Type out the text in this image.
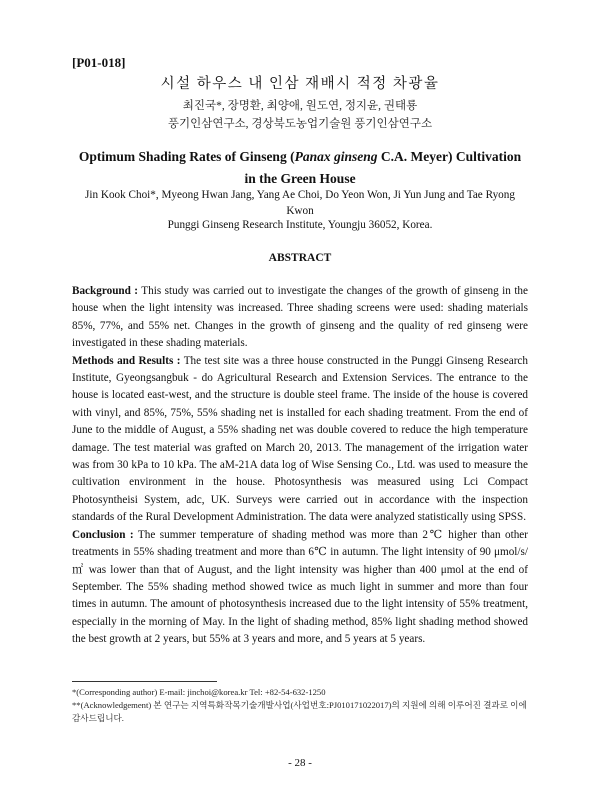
[P01-018]
시설 하우스 내 인삼 재배시 적정 차광율
최진국*, 장명환, 최양애, 원도연, 정지윤, 권태룡
풍기인삼연구소, 경상북도농업기술원 풍기인삼연구소
Optimum Shading Rates of Ginseng (Panax ginseng C.A. Meyer) Cultivation in the Green House
Jin Kook Choi*, Myeong Hwan Jang, Yang Ae Choi, Do Yeon Won, Ji Yun Jung and Tae Ryong Kwon
Punggi Ginseng Research Institute, Youngju 36052, Korea.
ABSTRACT

Background : This study was carried out to investigate the changes of the growth of ginseng in the house when the light intensity was increased. Three shading screens were used: shading materials 85%, 77%, and 55% net. Changes in the growth of ginseng and the quality of red ginseng were investigated in these shading materials.

Methods and Results : The test site was a three house constructed in the Punggi Ginseng Research Institute, Gyeongsangbuk - do Agricultural Research and Extension Services. The entrance to the house is located east-west, and the structure is double steel frame. The inside of the house is covered with vinyl, and 85%, 75%, 55% shading net is installed for each shading treatment. From the end of June to the middle of August, a 55% shading net was double covered to reduce the high temperature damage. The test material was grafted on March 20, 2013. The management of the irrigation water was from 30 kPa to 10 kPa. The aM-21A data log of Wise Sensing Co., Ltd. was used to measure the cultivation environment in the house. Photosynthesis was measured using Lci Compact Photosyntheisi System, adc, UK. Surveys were carried out in accordance with the inspection standards of the Rural Development Administration. The data were analyzed statistically using SPSS.

Conclusion : The summer temperature of shading method was more than 2℃ higher than other treatments in 55% shading treatment and more than 6℃ in autumn. The light intensity of 90 μmol/s/㎡ was lower than that of August, and the light intensity was higher than 400 μmol at the end of September. The 55% shading method showed twice as much light in summer and more than four times in autumn. The amount of photosynthesis increased due to the light intensity of 55% treatment, especially in the morning of May. In the light of shading method, 85% light shading method showed the best growth at 2 years, but 55% at 3 years and more, and 5 years at 5 years.

*(Corresponding author) E-mail: jinchoi@korea.kr Tel: +82-54-632-1250

**(Acknowledgement) 본 연구는 지역특화작목기술개발사업(사업번호:PJ010171022017)의 지원에 의해 이루어진 결과로 이에 감사드립니다.

- 28 -
